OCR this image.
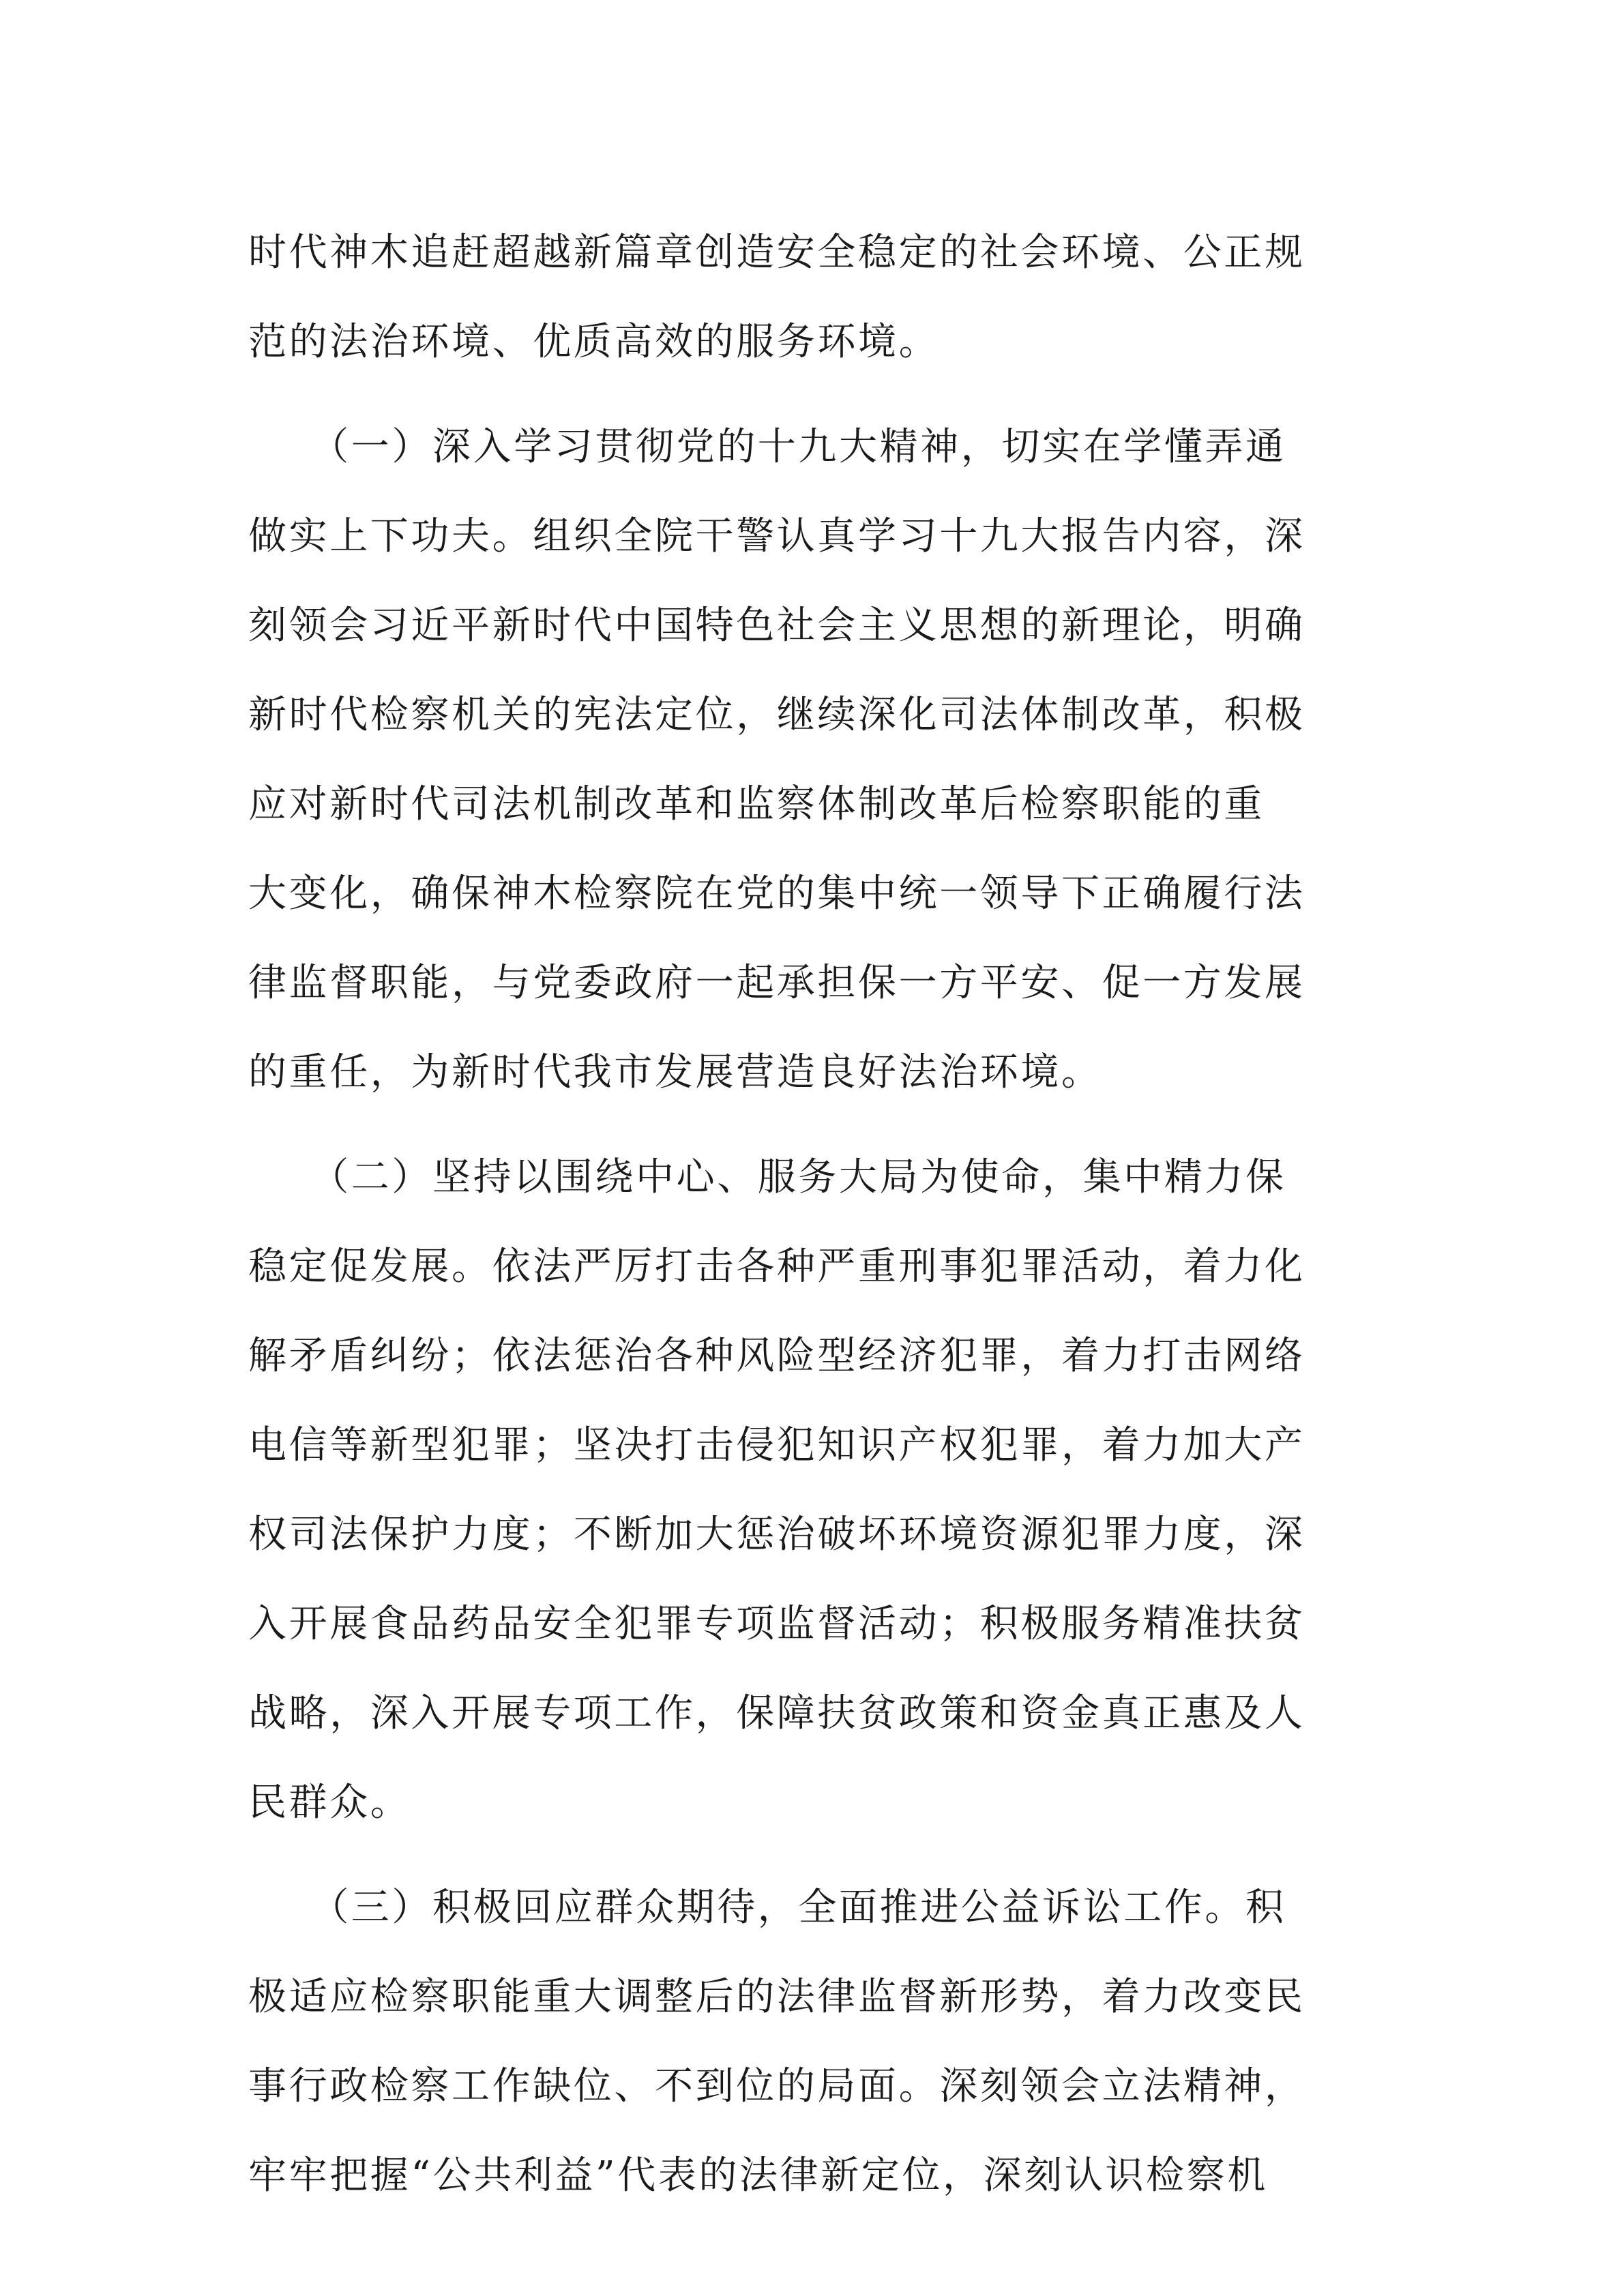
时代神木追赶超越新篇章创造安全稳定的社会环境、公正规
范的法治环境、优质高效的服务环境。
　　（一）深入学习贯彻党的十九大精神，切实在学懂弄通
做实上下功夫。组织全院干警认真学习十九大报告内容，深
刻领会习近平新时代中国特色社会主义思想的新理论，明确
新时代检察机关的宪法定位，继续深化司法体制改革，积极
应对新时代司法机制改革和监察体制改革后检察职能的重
大变化，确保神木检察院在党的集中统一领导下正确履行法
律监督职能，与党委政府一起承担保一方平安、促一方发展
的重任，为新时代我市发展营造良好法治环境。
　　（二）坚持以围绕中心、服务大局为使命，集中精力保
稳定促发展。依法严厉打击各种严重刑事犯罪活动，着力化
解矛盾纠纷；依法惩治各种风险型经济犯罪，着力打击网络
电信等新型犯罪；坚决打击侵犯知识产权犯罪，着力加大产
权司法保护力度；不断加大惩治破坏环境资源犯罪力度，深
入开展食品药品安全犯罪专项监督活动；积极服务精准扶贫
战略，深入开展专项工作，保障扶贫政策和资金真正惠及人
民群众。
　　（三）积极回应群众期待，全面推进公益诉讼工作。积
极适应检察职能重大调整后的法律监督新形势，着力改变民
事行政检察工作缺位、不到位的局面。深刻领会立法精神，
牢牢把握“公共利益”代表的法律新定位，深刻认识检察机
